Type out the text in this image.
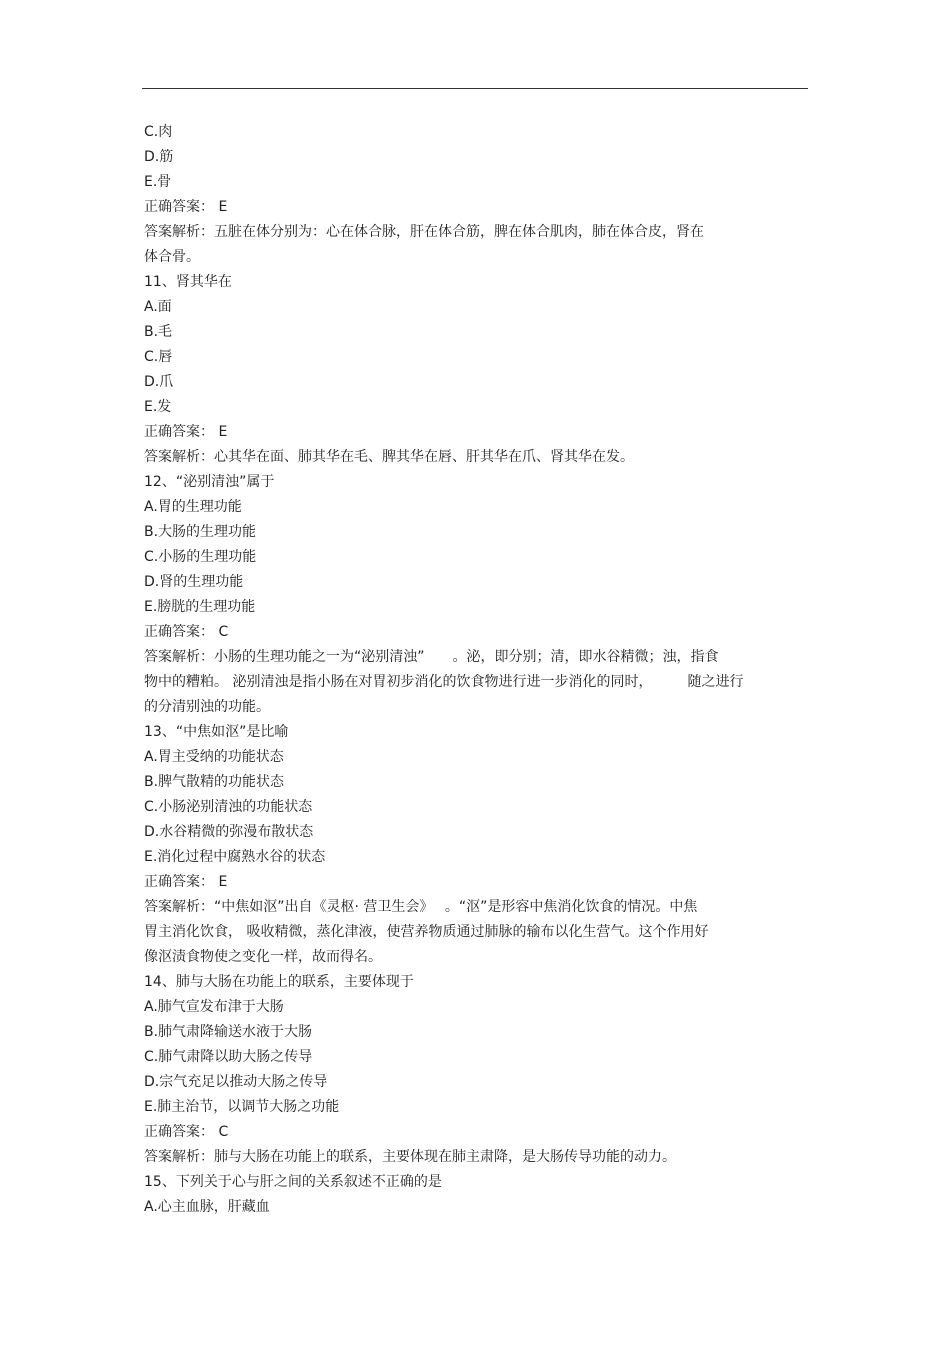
C.肉
D.筋
E.骨
正确答案： E
答案解析：五脏在体分别为：心在体合脉，肝在体合筋，脾在体合肌肉，肺在体合皮，肾在
体合骨。
11、肾其华在
A.面
B.毛
C.唇
D.爪
E.发
正确答案： E
答案解析：心其华在面、肺其华在毛、脾其华在唇、肝其华在爪、肾其华在发。
12、“泌别清浊”属于
A.胃的生理功能
B.大肠的生理功能
C.小肠的生理功能
D.肾的生理功能
E.膀胱的生理功能
正确答案： C
答案解析：小肠的生理功能之一为“泌别清浊”　　。泌，即分别；清，即水谷精微；浊，指食
物中的糟粕。 泌别清浊是指小肠在对胃初步消化的饮食物进行进一步消化的同时，　　　随之进行
的分清别浊的功能。
13、“中焦如沤”是比喻
A.胃主受纳的功能状态
B.脾气散精的功能状态
C.小肠泌别清浊的功能状态
D.水谷精微的弥漫布散状态
E.消化过程中腐熟水谷的状态
正确答案： E
答案解析：“中焦如沤”出自《灵枢· 营卫生会》　 。“沤”是形容中焦消化饮食的情况。中焦
胃主消化饮食， 吸收精微，蒸化津液，使营养物质通过肺脉的输布以化生营气。这个作用好
像沤渍食物使之变化一样，故而得名。
14、肺与大肠在功能上的联系，主要体现于
A.肺气宣发布津于大肠
B.肺气肃降输送水液于大肠
C.肺气肃降以助大肠之传导
D.宗气充足以推动大肠之传导
E.肺主治节，以调节大肠之功能
正确答案： C
答案解析：肺与大肠在功能上的联系，主要体现在肺主肃降，是大肠传导功能的动力。
15、下列关于心与肝之间的关系叙述不正确的是
A.心主血脉，肝藏血
